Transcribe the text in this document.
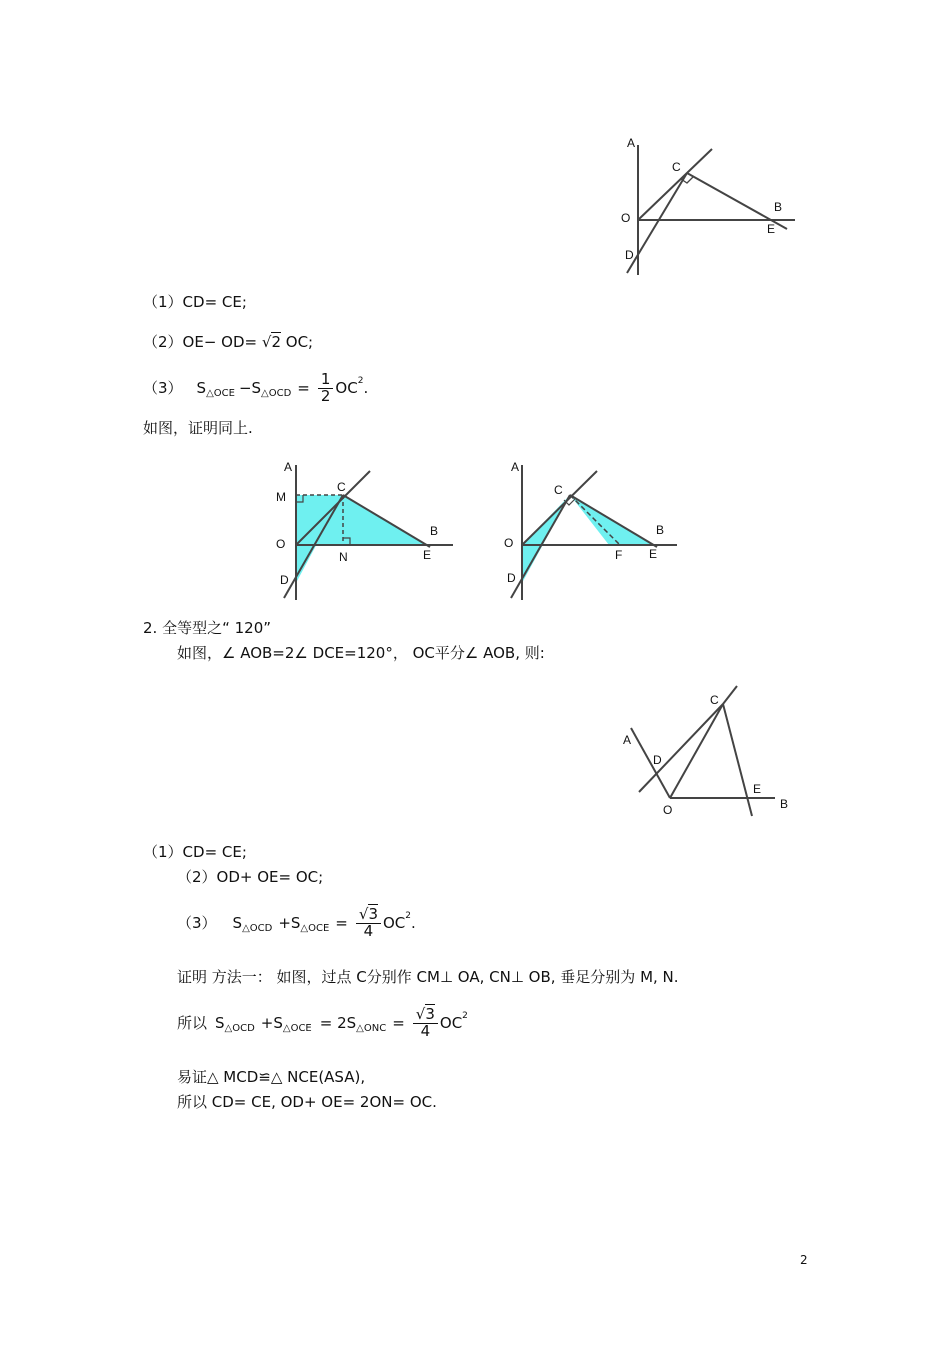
A
C
O
B
E
D
（1）CD= CE;
（2）OE− OD= √2 OC;
（3） S △OCE −S △OCD = $\frac{1}{2}$ OC 2 .
如图，证明同上.
A
M
C
O
N
B
E
D
A
C
O
F
B
E
D
2. 全等型之“ 120”
如图，∠ AOB=2∠ DCE=120°， OC平分∠ AOB, 则:
C
A
D
O
E
B
（1）CD= CE;
（2）OD+ OE= OC;
（3） S △OCD +S △OCE = $\frac{√3}{4}$ OC 2 .
证明 方法一： 如图，过点 C分别作 CM⊥ OA, CN⊥ OB, 垂足分别为 M, N.
所以 S △OCD +S △OCE = 2S △ONC = $\frac{√3}{4}$ OC 2
易证△ MCD≌△ NCE(ASA),
所以 CD= CE, OD+ OE= 2ON= OC.
2
